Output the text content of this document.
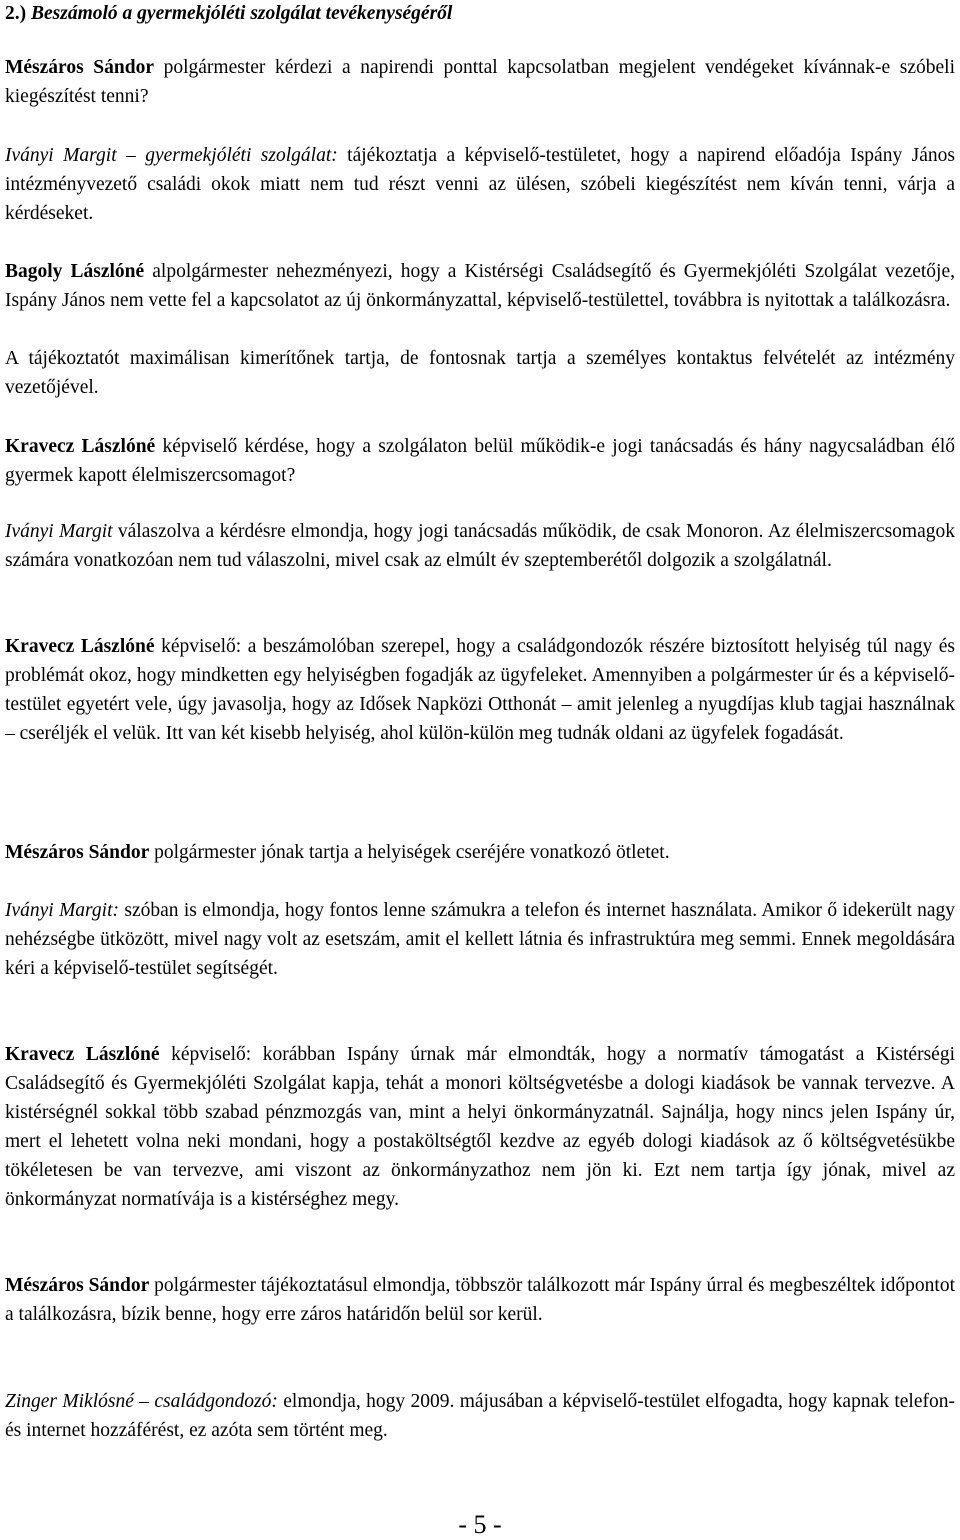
2.) Beszámoló a gyermekjóléti szolgálat tevékenységéről

Mészáros Sándor polgármester kérdezi a napirendi ponttal kapcsolatban megjelent vendégeket kívánnak-e szóbeli kiegészítést tenni?

Iványi Margit – gyermekjóléti szolgálat: tájékoztatja a képviselő-testületet, hogy a napirend előadója Ispány János intézményvezető családi okok miatt nem tud részt venni az ülésen, szóbeli kiegészítést nem kíván tenni, várja a kérdéseket.

Bagoly Lászlóné alpolgármester nehezményezi, hogy a Kistérségi Családsegítő és Gyermekjóléti Szolgálat vezetője, Ispány János nem vette fel a kapcsolatot az új önkormányzattal, képviselő-testülettel, továbbra is nyitottak a találkozásra.

A tájékoztatót maximálisan kimerítőnek tartja, de fontosnak tartja a személyes kontaktus felvételét az intézmény vezetőjével.

Kravecz Lászlóné képviselő kérdése, hogy a szolgálaton belül működik-e jogi tanácsadás és hány nagycsaládban élő gyermek kapott élelmiszercsomagot?

Iványi Margit válaszolva a kérdésre elmondja, hogy jogi tanácsadás működik, de csak Monoron. Az élelmiszercsomagok számára vonatkozóan nem tud válaszolni, mivel csak az elmúlt év szeptemberétől dolgozik a szolgálatnál.

Kravecz Lászlóné képviselő: a beszámolóban szerepel, hogy a családgondozók részére biztosított helyiség túl nagy és problémát okoz, hogy mindketten egy helyiségben fogadják az ügyfeleket. Amennyiben a polgármester úr és a képviselő-testület egyetért vele, úgy javasolja, hogy az Idősek Napközi Otthonát – amit jelenleg a nyugdíjas klub tagjai használnak – cseréljék el velük. Itt van két kisebb helyiség, ahol külön-külön meg tudnák oldani az ügyfelek fogadását.

Mészáros Sándor polgármester jónak tartja a helyiségek cseréjére vonatkozó ötletet.

Iványi Margit: szóban is elmondja, hogy fontos lenne számukra a telefon és internet használata. Amikor ő idekerült nagy nehézségbe ütközött, mivel nagy volt az esetszám, amit el kellett látnia és infrastruktúra meg semmi. Ennek megoldására kéri a képviselő-testület segítségét.

Kravecz Lászlóné képviselő: korábban Ispány úrnak már elmondták, hogy a normatív támogatást a Kistérségi Családsegítő és Gyermekjóléti Szolgálat kapja, tehát a monori költségvetésbe a dologi kiadások be vannak tervezve. A kistérségnél sokkal több szabad pénzmozgás van, mint a helyi önkormányzatnál. Sajnálja, hogy nincs jelen Ispány úr, mert el lehetett volna neki mondani, hogy a postaköltségtől kezdve az egyéb dologi kiadások az ő költségvetésükbe tökéletesen be van tervezve, ami viszont az önkormányzathoz nem jön ki. Ezt nem tartja így jónak, mivel az önkormányzat normatívája is a kistérséghez megy.

Mészáros Sándor polgármester tájékoztatásul elmondja, többször találkozott már Ispány úrral és megbeszéltek időpontot a találkozásra, bízik benne, hogy erre záros határidőn belül sor kerül.

Zinger Miklósné – családgondozó: elmondja, hogy 2009. májusában a képviselő-testület elfogadta, hogy kapnak telefon- és internet hozzáférést, ez azóta sem történt meg.

- 5 -
